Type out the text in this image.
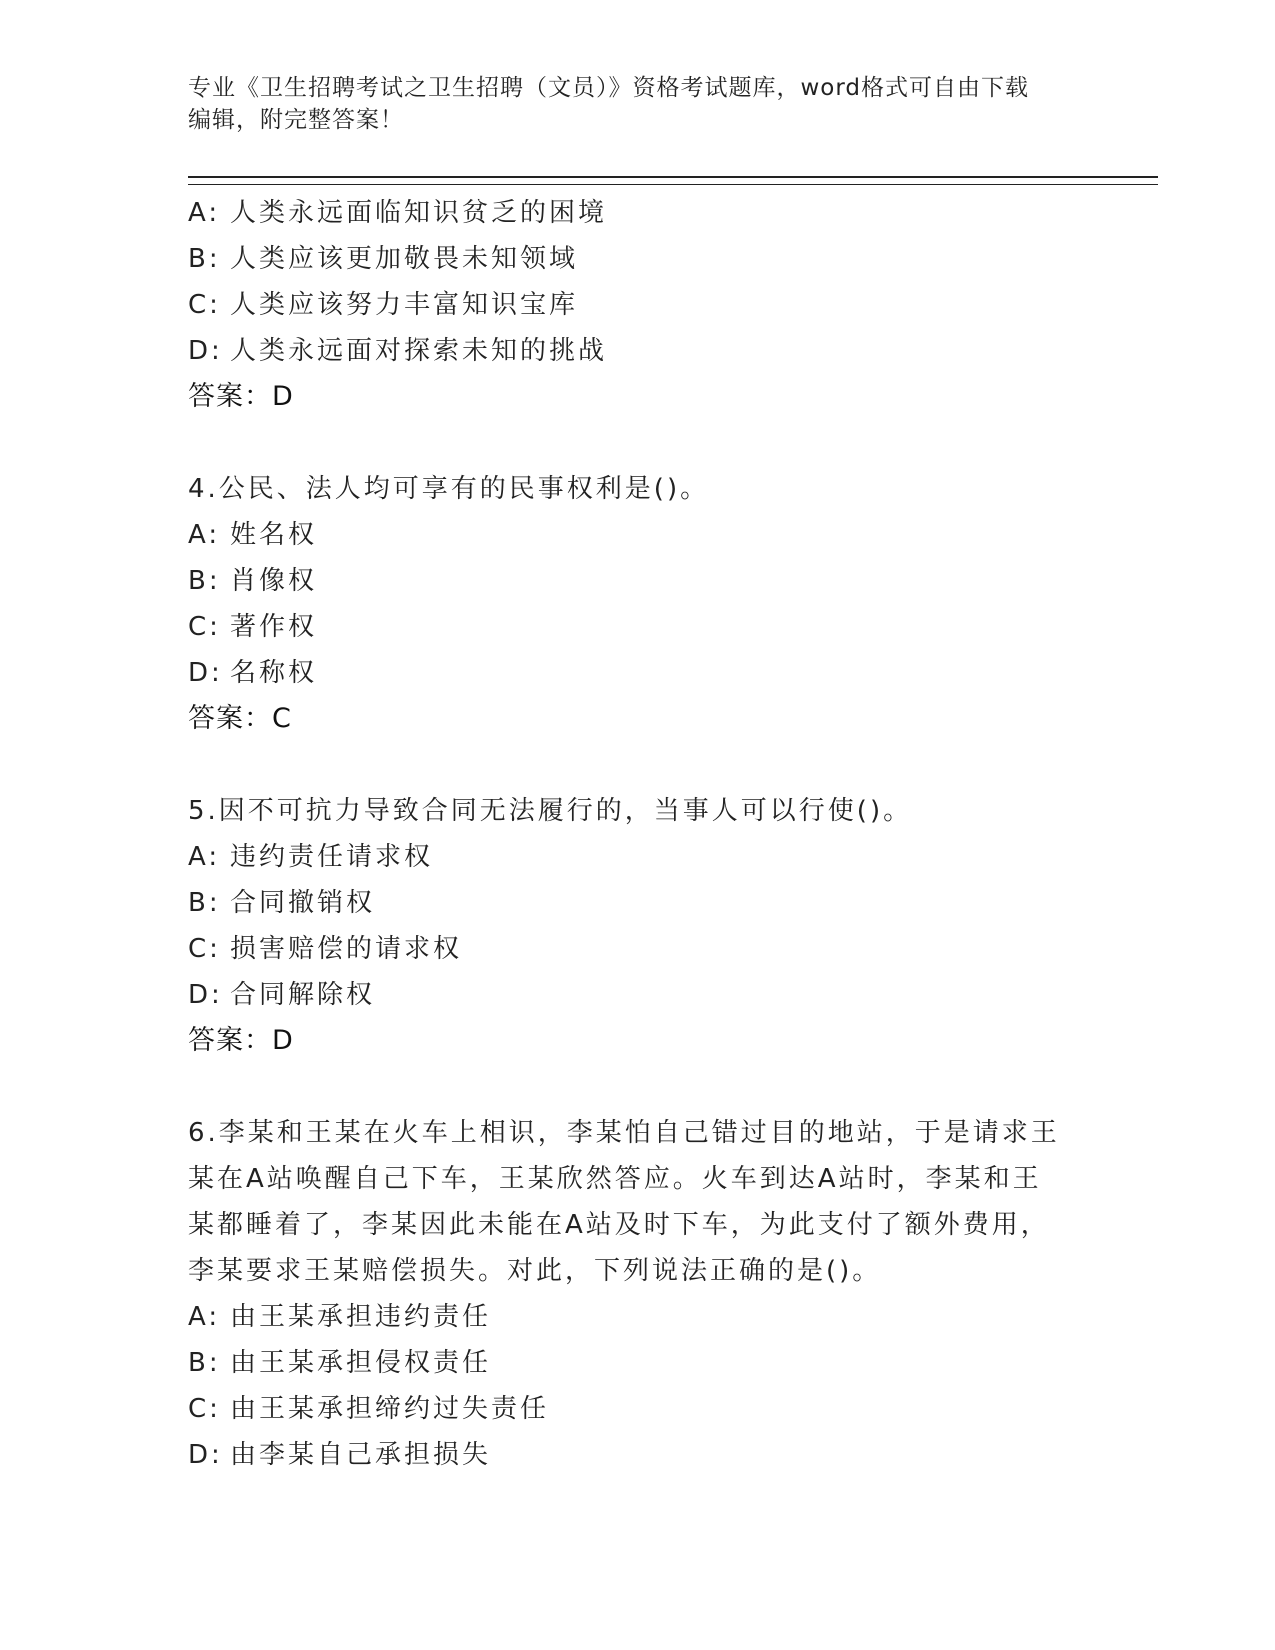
专业《卫生招聘考试之卫生招聘（文员）》资格考试题库，word格式可自由下载
编辑，附完整答案！
A: 人类永远面临知识贫乏的困境
B: 人类应该更加敬畏未知领域
C: 人类应该努力丰富知识宝库
D: 人类永远面对探索未知的挑战
答案：D
4.公民、法人均可享有的民事权利是()。
A: 姓名权
B: 肖像权
C: 著作权
D: 名称权
答案：C
5.因不可抗力导致合同无法履行的，当事人可以行使()。
A: 违约责任请求权
B: 合同撤销权
C: 损害赔偿的请求权
D: 合同解除权
答案：D
6.李某和王某在火车上相识，李某怕自己错过目的地站，于是请求王
某在A站唤醒自己下车，王某欣然答应。火车到达A站时，李某和王
某都睡着了，李某因此未能在A站及时下车，为此支付了额外费用，
李某要求王某赔偿损失。对此，下列说法正确的是()。
A: 由王某承担违约责任
B: 由王某承担侵权责任
C: 由王某承担缔约过失责任
D: 由李某自己承担损失
